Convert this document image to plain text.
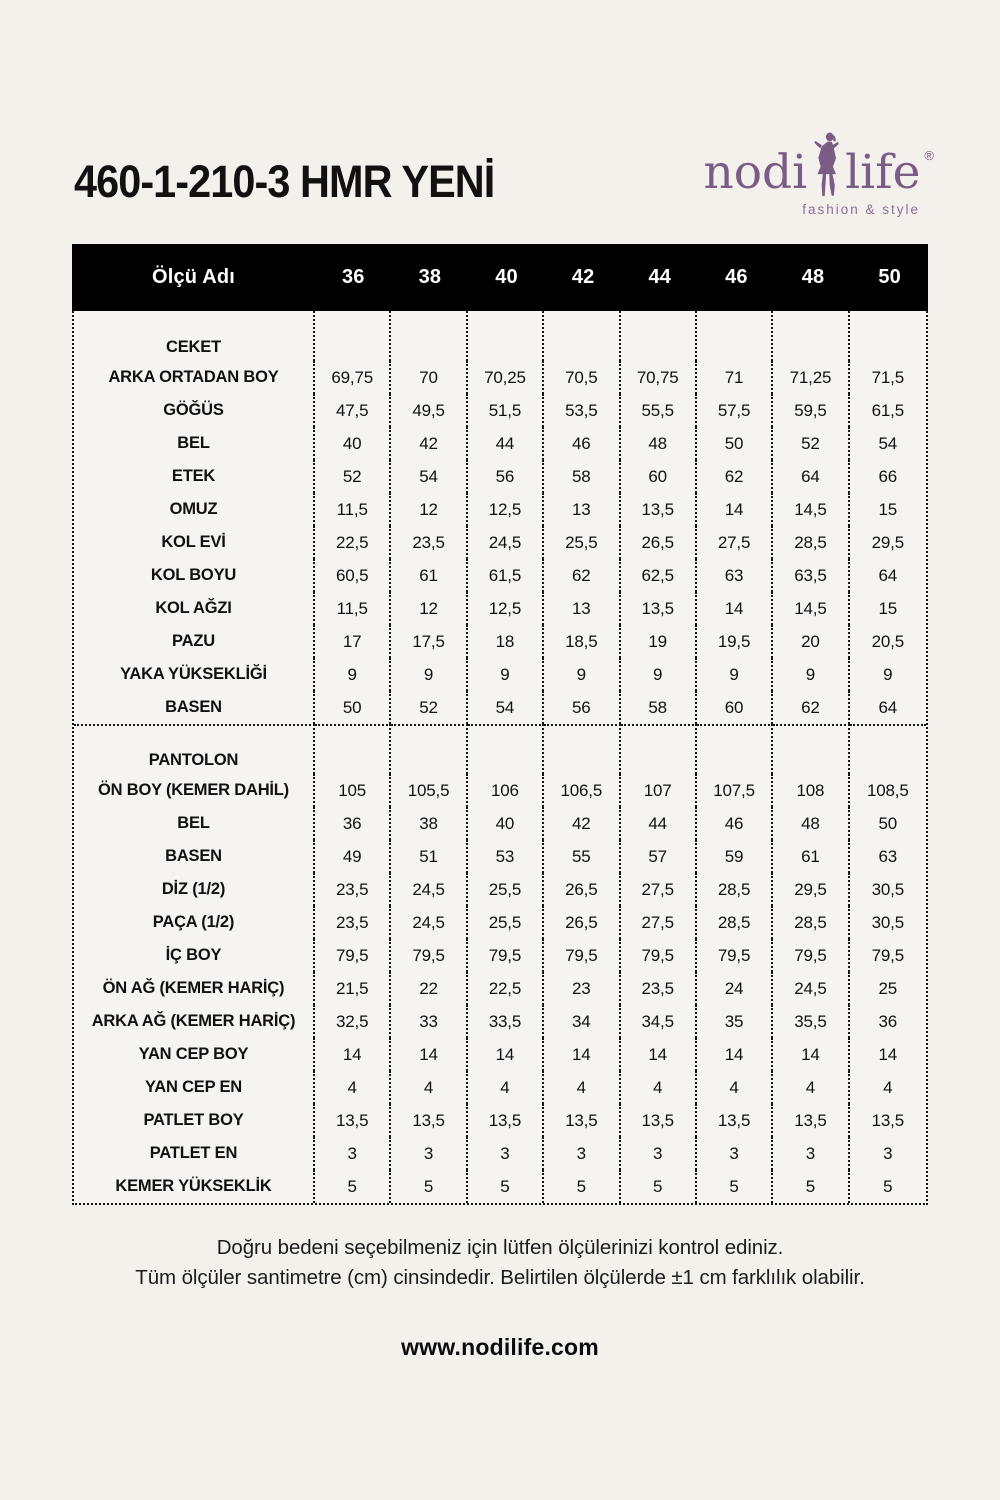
460-1-210-3 HMR YENİ	nodi life ®
fashion & style
Ölçü Adı	36	38	40	42	44	46	48	50
CEKET
ARKA ORTADAN BOY	69,75	70	70,25	70,5	70,75	71	71,25	71,5
GÖĞÜS	47,5	49,5	51,5	53,5	55,5	57,5	59,5	61,5
BEL	40	42	44	46	48	50	52	54
ETEK	52	54	56	58	60	62	64	66
OMUZ	11,5	12	12,5	13	13,5	14	14,5	15
KOL EVİ	22,5	23,5	24,5	25,5	26,5	27,5	28,5	29,5
KOL BOYU	60,5	61	61,5	62	62,5	63	63,5	64
KOL AĞZI	11,5	12	12,5	13	13,5	14	14,5	15
PAZU	17	17,5	18	18,5	19	19,5	20	20,5
YAKA YÜKSEKLİĞİ	9	9	9	9	9	9	9	9
BASEN	50	52	54	56	58	60	62	64
PANTOLON
ÖN BOY (KEMER DAHİL)	105	105,5	106	106,5	107	107,5	108	108,5
BEL	36	38	40	42	44	46	48	50
BASEN	49	51	53	55	57	59	61	63
DİZ (1/2)	23,5	24,5	25,5	26,5	27,5	28,5	29,5	30,5
PAÇA (1/2)	23,5	24,5	25,5	26,5	27,5	28,5	28,5	30,5
İÇ BOY	79,5	79,5	79,5	79,5	79,5	79,5	79,5	79,5
ÖN AĞ (KEMER HARİÇ)	21,5	22	22,5	23	23,5	24	24,5	25
ARKA AĞ (KEMER HARİÇ)	32,5	33	33,5	34	34,5	35	35,5	36
YAN CEP BOY	14	14	14	14	14	14	14	14
YAN CEP EN	4	4	4	4	4	4	4	4
PATLET BOY	13,5	13,5	13,5	13,5	13,5	13,5	13,5	13,5
PATLET EN	3	3	3	3	3	3	3	3
KEMER YÜKSEKLİK	5	5	5	5	5	5	5	5
Doğru bedeni seçebilmeniz için lütfen ölçülerinizi kontrol ediniz.
Tüm ölçüler santimetre (cm) cinsindedir. Belirtilen ölçülerde ±1 cm farklılık olabilir.
www.nodilife.com
